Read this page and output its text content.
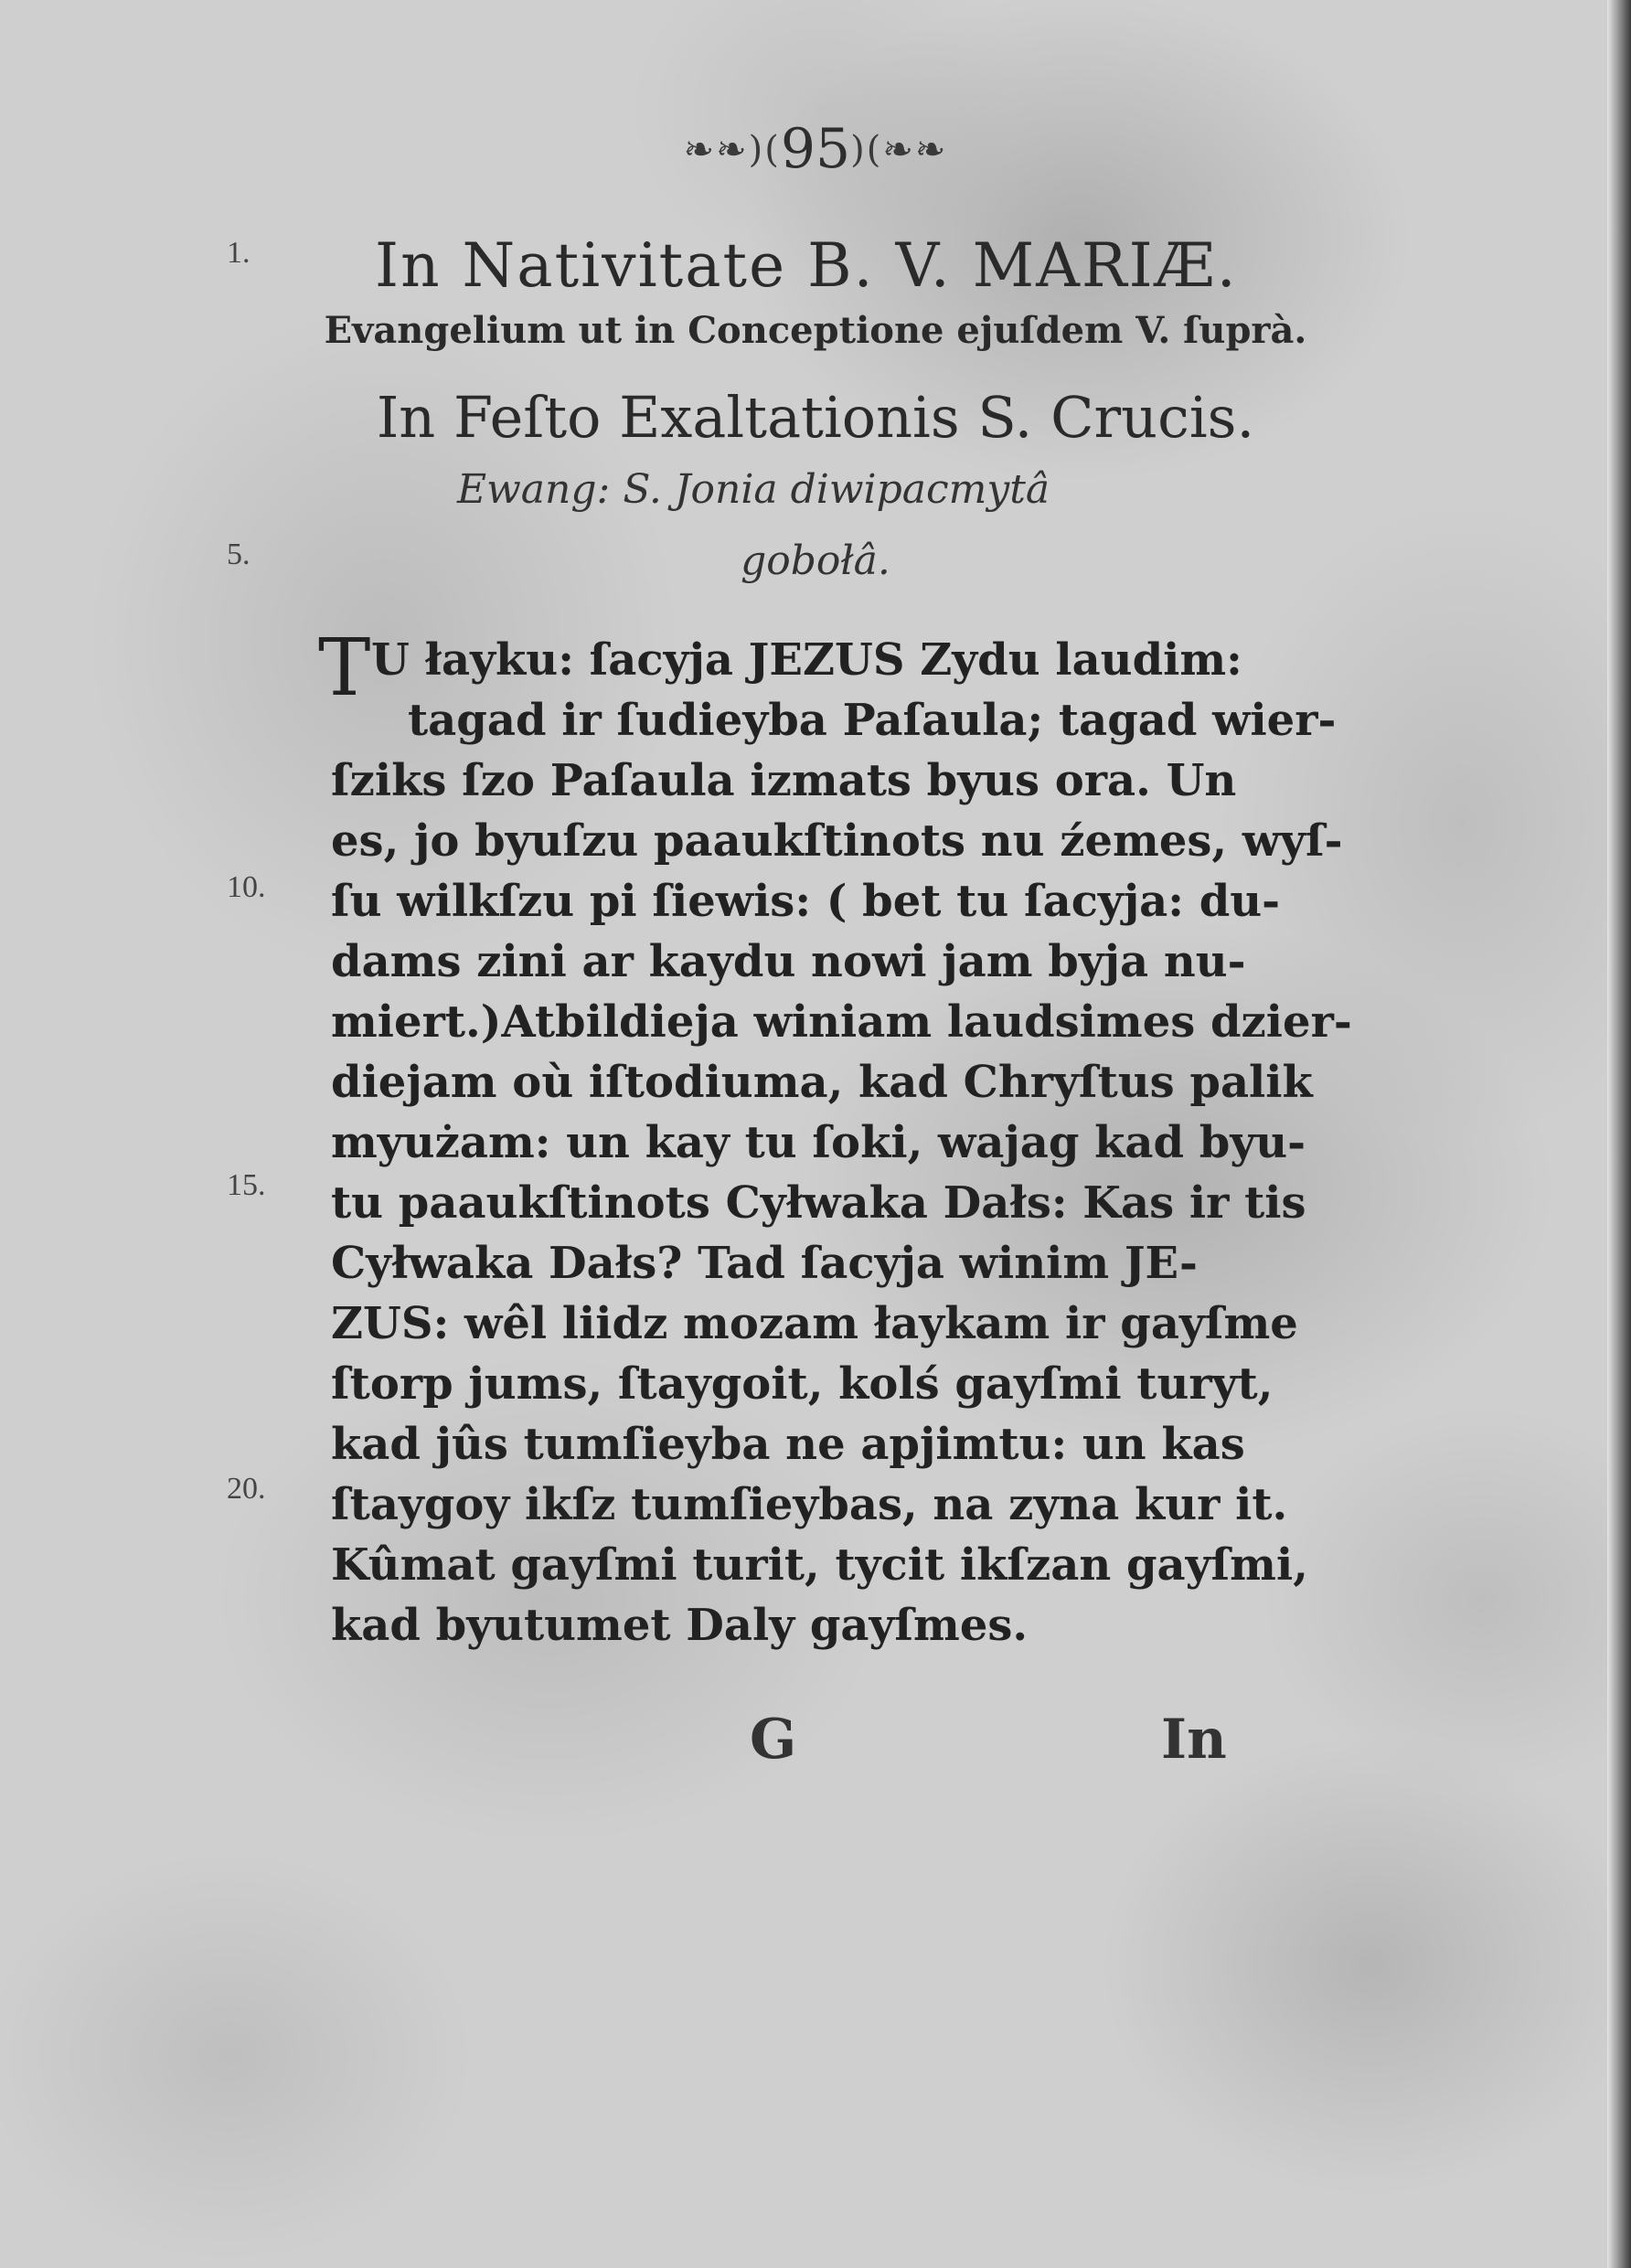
❧❧)(95)(❧❧
1.
5.
10.
15.
20.
In Nativitate B. V. MARIÆ.
Evangelium ut in Conceptione ejuſdem V. ſuprà.
In Feſto Exaltationis S. Crucis.
Ewang: S. Jonia diwipacmytâ
gobołâ.
T U łayku: ſacyja JEZUS Zydu laudim:
tagad ir ſudieyba Paſaula; tagad wier-
ſziks ſzo Paſaula izmats byus ora. Un
es, jo byuſzu paaukſtinots nu źemes, wyſ-
ſu wilkſzu pi ſiewis: ( bet tu ſacyja: du-
dams zini ar kaydu nowi jam byja nu-
miert.)Atbildieja winiam laudsimes dzier-
diejam où iſtodiuma, kad Chryſtus palik
myużam: un kay tu ſoki, wajag kad byu-
tu paaukſtinots Cyłwaka Dałs: Kas ir tis
Cyłwaka Dałs? Tad ſacyja winim JE-
ZUS: wêl liidz mozam łaykam ir gayſme
ſtorp jums, ſtaygoit, kolś gayſmi turyt,
kad jûs tumſieyba ne apjimtu: un kas
ſtaygoy ikſz tumſieybas, na zyna kur it.
Kûmat gayſmi turit, tycit ikſzan gayſmi,
kad byutumet Daly gayſmes.
G	In
